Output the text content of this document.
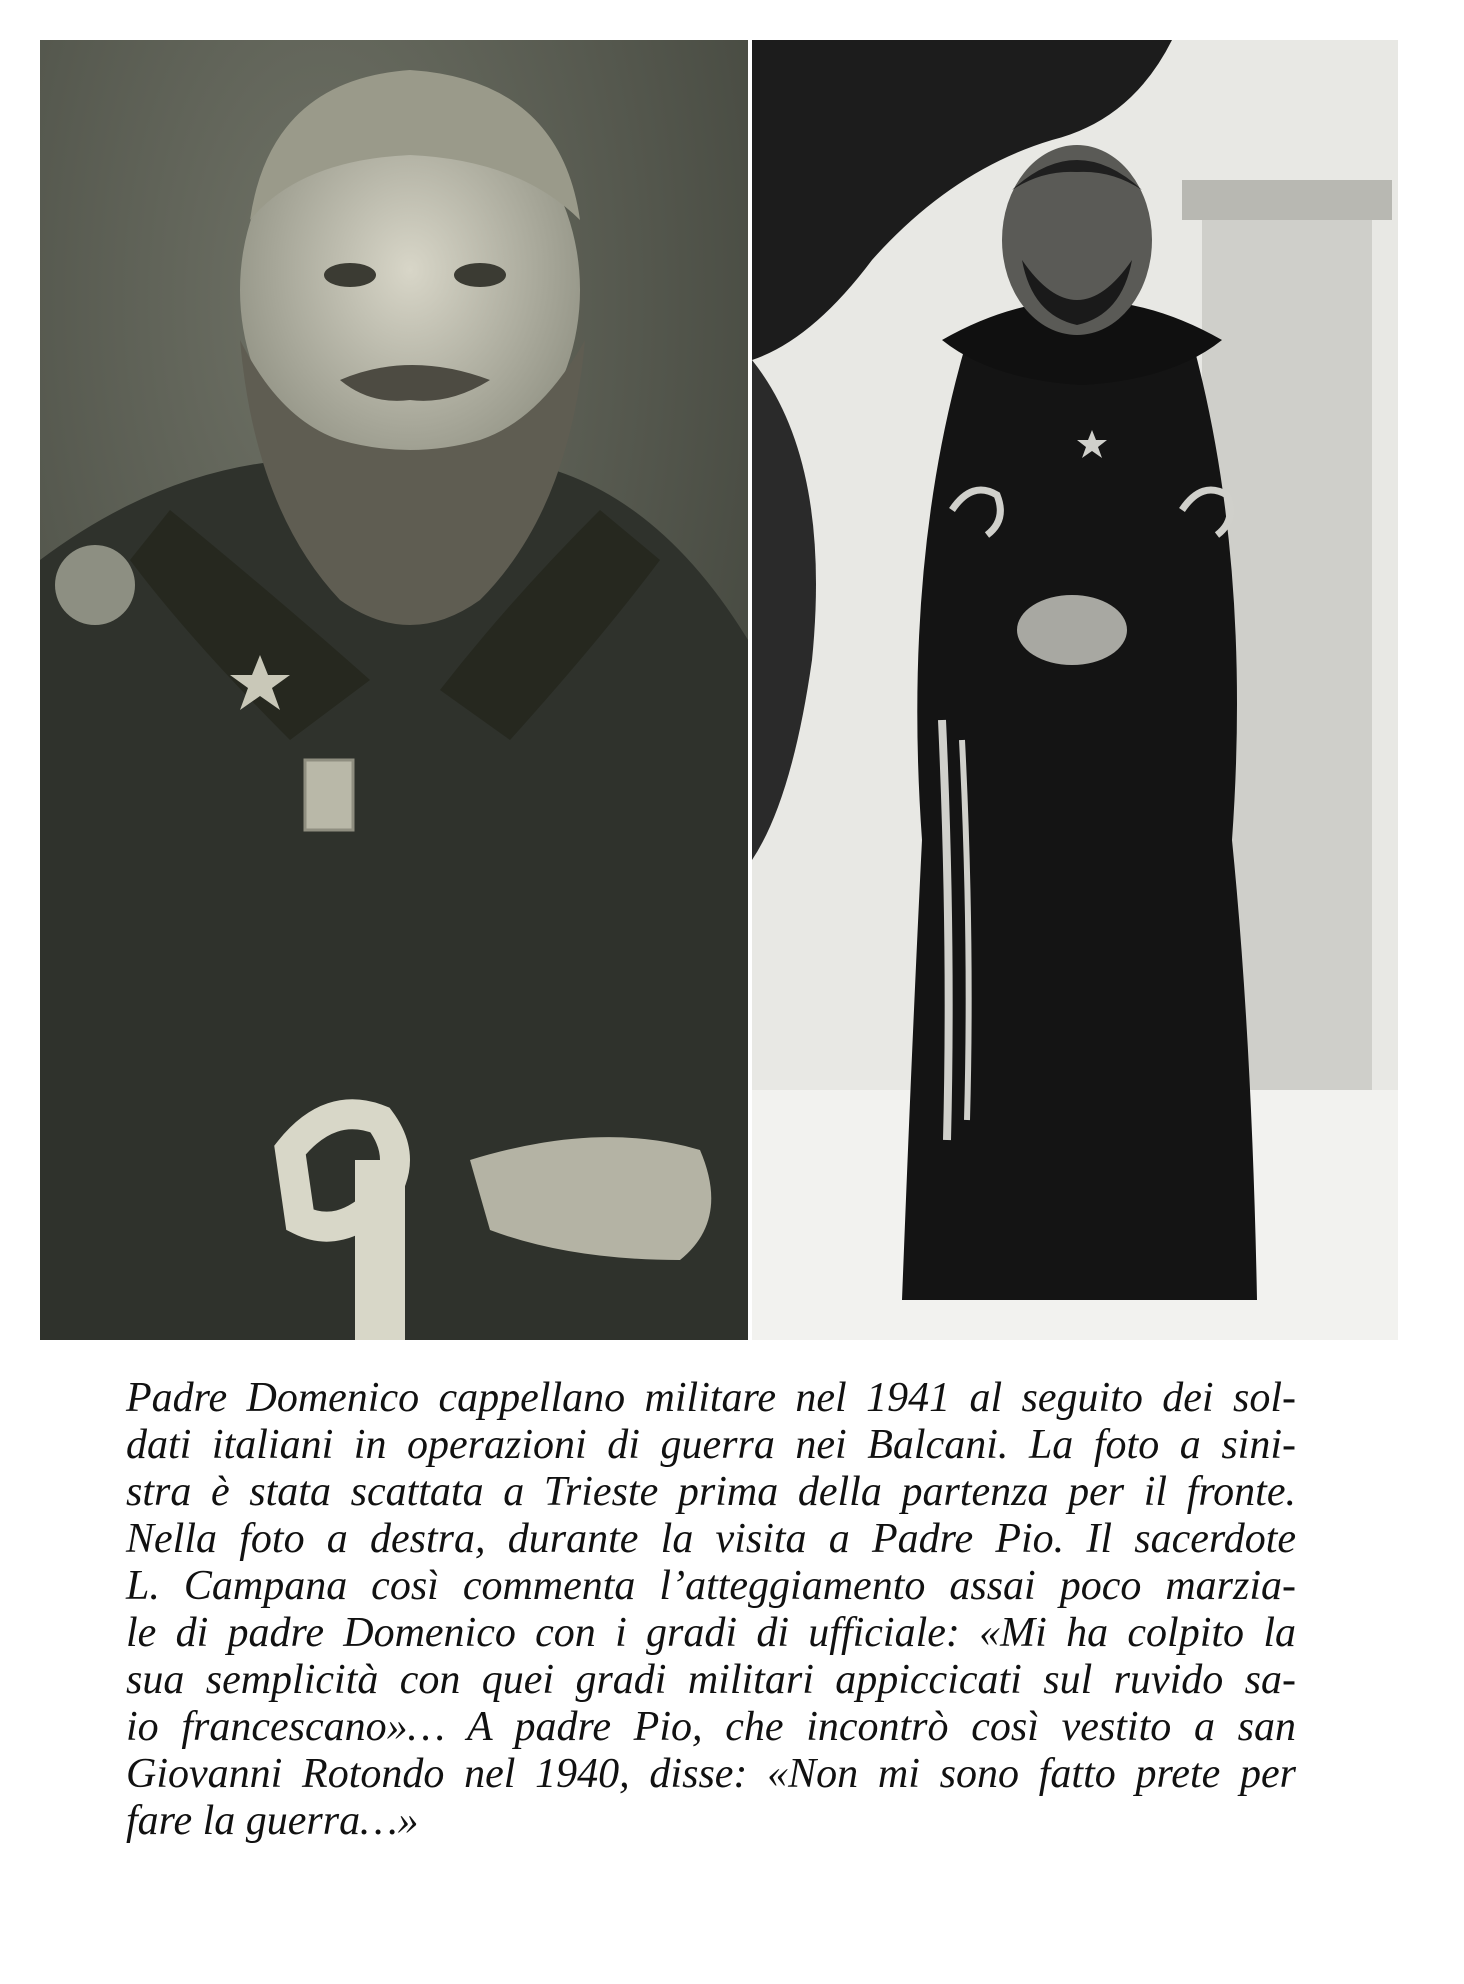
Padre Domenico cappellano militare nel 1941 al seguito dei sol-
dati italiani in operazioni di guerra nei Balcani. La foto a sini-
stra è stata scattata a Trieste prima della partenza per il fronte.
Nella foto a destra, durante la visita a Padre Pio. Il sacerdote
L. Campana così commenta l’atteggiamento assai poco marzia-
le di padre Domenico con i gradi di ufficiale: «Mi ha colpito la
sua semplicità con quei gradi militari appiccicati sul ruvido sa-
io francescano»… A padre Pio, che incontrò così vestito a san
Giovanni Rotondo nel 1940, disse: «Non mi sono fatto prete per
fare la guerra…»
